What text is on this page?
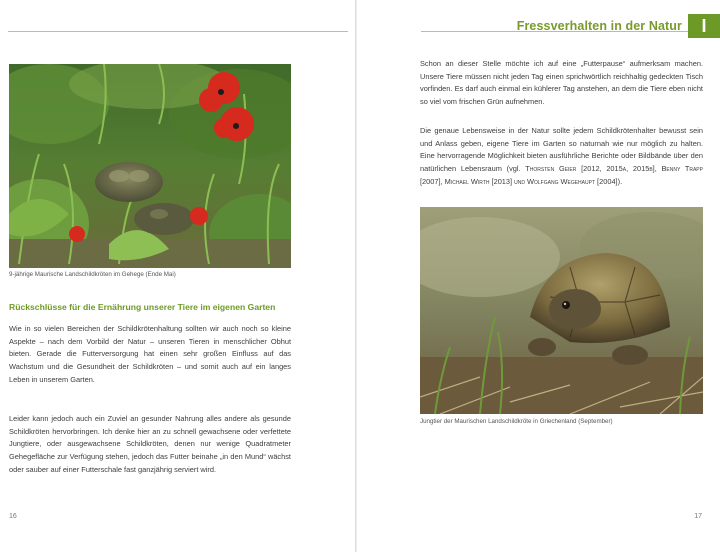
9-jährige Maurische Landschildkröten im Gehege (Ende Mai)
Rückschlüsse für die Ernährung unserer Tiere im eigenen Garten

Wie in so vielen Bereichen der Schildkrötenhaltung sollten wir auch noch so kleine Aspekte – nach dem Vorbild der Natur – unseren Tieren in menschlicher Obhut bieten. Gerade die Futterversorgung hat einen sehr großen Einfluss auf das Wachstum und die Gesundheit der Schildkröten – und somit auch auf ein langes Leben in unserem Garten.

Leider kann jedoch auch ein Zuviel an gesunder Nahrung alles andere als gesunde Schildkröten hervorbringen. Ich denke hier an zu schnell gewachsene oder verfettete Jungtiere, oder ausgewachsene Schildkröten, denen nur wenige Quadratmeter Gehegefläche zur Verfügung stehen, jedoch das Futter beinahe „in den Mund“ wächst oder sauber auf einer Futterschale fast ganzjährig serviert wird.

16
Fressverhalten in der Natur	I

Schon an dieser Stelle möchte ich auf eine „Futterpause“ aufmerksam machen. Unsere Tiere müssen nicht jeden Tag einen sprichwörtlich reichhaltig gedeckten Tisch vorfinden. Es darf auch einmal ein kühlerer Tag anstehen, an dem die Tiere eben nicht so viel vom frischen Grün aufnehmen.

Die genaue Lebensweise in der Natur sollte jedem Schildkrötenhalter bewusst sein und Anlass geben, eigene Tiere im Garten so naturnah wie nur möglich zu halten. Eine hervorragende Möglichkeit bieten ausführliche Berichte oder Bildbände über den natürlichen Lebensraum (vgl. Thorsten Geier [2012, 2015a, 2015b], Benny Trapp [2007], Michael Wirth [2013] und Wolfgang Wegehaupt [2004]).

Jungtier der Maurischen Landschildkröte in Griechenland (September)
17
